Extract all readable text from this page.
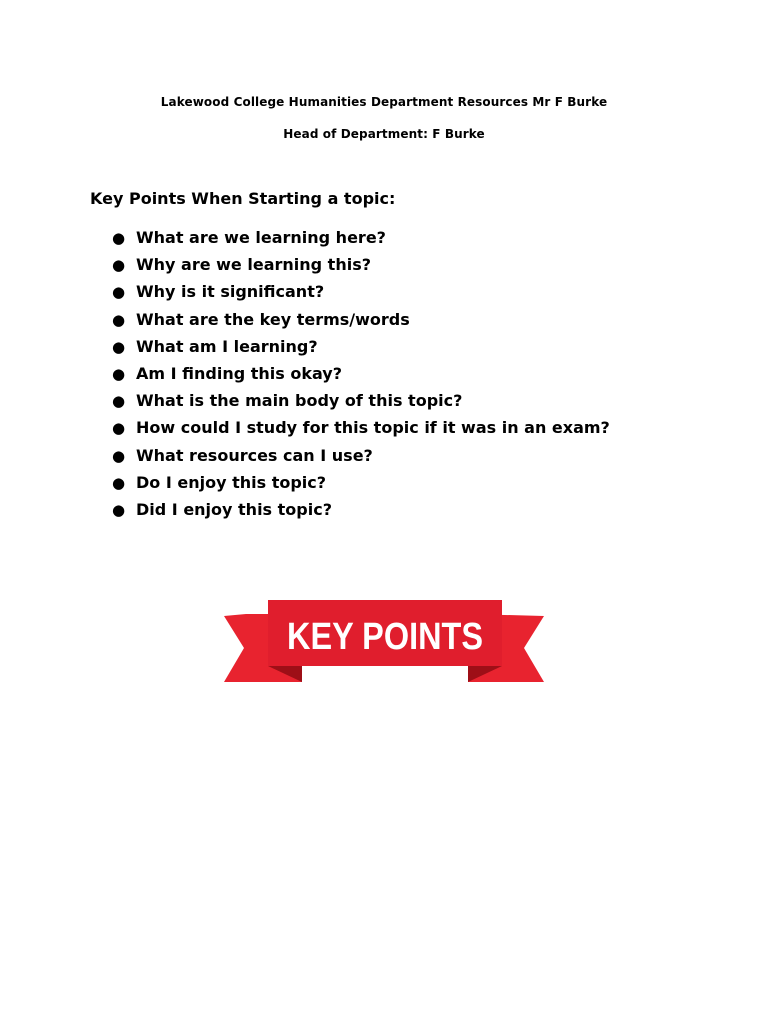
Lakewood College Humanities Department Resources Mr F Burke
Head of Department: F Burke
Key Points When Starting a topic:
● What are we learning here?
● Why are we learning this?
● Why is it significant?
● What are the key terms/words
● What am I learning?
● Am I finding this okay?
● What is the main body of this topic?
● How could I study for this topic if it was in an exam?
● What resources can I use?
● Do I enjoy this topic?
● Did I enjoy this topic?
KEY POINTS
